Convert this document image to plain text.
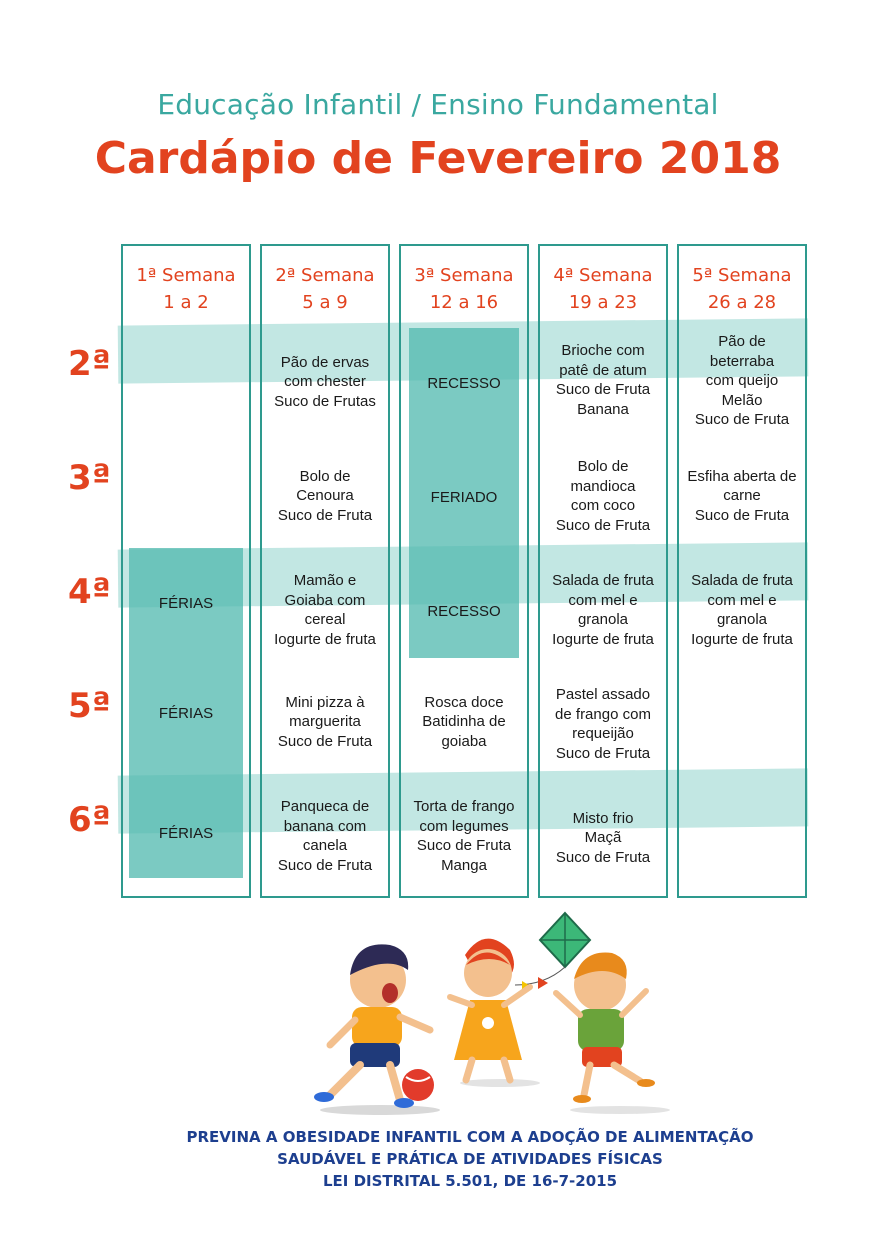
Educação Infantil / Ensino Fundamental
Cardápio de Fevereiro 2018
2ª
3ª
4ª
5ª
6ª
1ª Semana
1 a 2
FÉRIAS
FÉRIAS
FÉRIAS
2ª Semana
5 a 9
Pão de ervas
com chester
Suco de Frutas
Bolo de
Cenoura
Suco de Fruta
Mamão e
Goiaba com
cereal
Iogurte de fruta
Mini pizza à
marguerita
Suco de Fruta
Panqueca de
banana com
canela
Suco de Fruta
3ª Semana
12 a 16
RECESSO
FERIADO
RECESSO
Rosca doce
Batidinha de
goiaba
Torta de frango
com legumes
Suco de Fruta
Manga
4ª Semana
19 a 23
Brioche com
patê de atum
Suco de Fruta
Banana
Bolo de
mandioca
com coco
Suco de Fruta
Salada de fruta
com mel e
granola
Iogurte de fruta
Pastel assado
de frango com
requeijão
Suco de Fruta
Misto frio
Maçã
Suco de Fruta
5ª Semana
26 a 28
Pão de
beterraba
com queijo
Melão
Suco de Fruta
Esfiha aberta de
carne
Suco de Fruta
Salada de fruta
com mel e
granola
Iogurte de fruta
PREVINA A OBESIDADE INFANTIL COM A ADOÇÃO DE ALIMENTAÇÃO
SAUDÁVEL E PRÁTICA DE ATIVIDADES FÍSICAS
LEI DISTRITAL 5.501, DE 16-7-2015
